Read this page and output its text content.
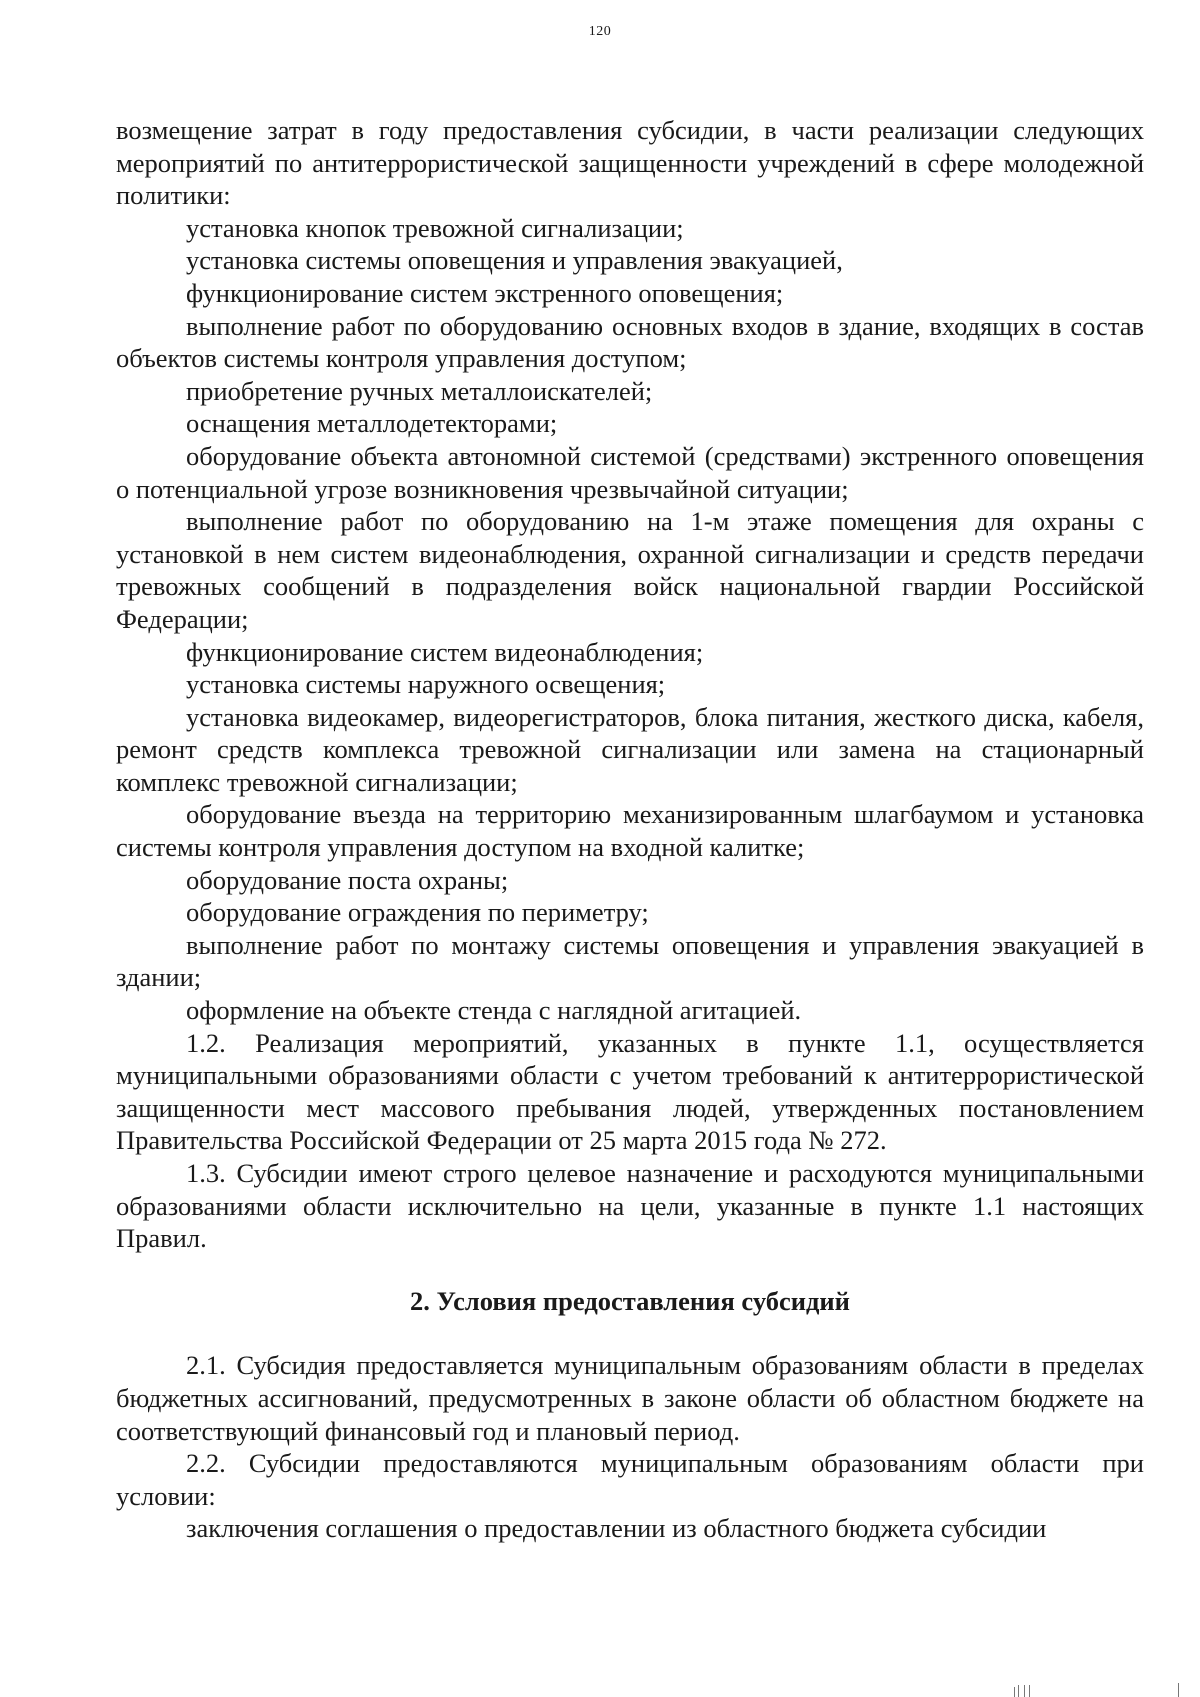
120

возмещение затрат в году предоставления субсидии, в части реализации следующих мероприятий по антитеррористической защищенности учреждений в сфере молодежной политики:

установка кнопок тревожной сигнализации;

установка системы оповещения и управления эвакуацией,

функционирование систем экстренного оповещения;

выполнение работ по оборудованию основных входов в здание, входящих в состав объектов системы контроля управления доступом;

приобретение ручных металлоискателей;

оснащения металлодетекторами;

оборудование объекта автономной системой (средствами) экстренного оповещения о потенциальной угрозе возникновения чрезвычайной ситуации;

выполнение работ по оборудованию на 1-м этаже помещения для охраны с установкой в нем систем видеонаблюдения, охранной сигнализации и средств передачи тревожных сообщений в подразделения войск национальной гвардии Российской Федерации;

функционирование систем видеонаблюдения;

установка системы наружного освещения;

установка видеокамер, видеорегистраторов, блока питания, жесткого диска, кабеля, ремонт средств комплекса тревожной сигнализации или замена на стационарный комплекс тревожной сигнализации;

оборудование въезда на территорию механизированным шлагбаумом и установка системы контроля управления доступом на входной калитке;

оборудование поста охраны;

оборудование ограждения по периметру;

выполнение работ по монтажу системы оповещения и управления эвакуацией в здании;

оформление на объекте стенда с наглядной агитацией.

1.2. Реализация мероприятий, указанных в пункте 1.1, осуществляется муниципальными образованиями области с учетом требований к антитеррористической защищенности мест массового пребывания людей, утвержденных постановлением Правительства Российской Федерации от 25 марта 2015 года № 272.

1.3. Субсидии имеют строго целевое назначение и расходуются муниципальными образованиями области исключительно на цели, указанные в пункте 1.1 настоящих Правил.

2. Условия предоставления субсидий

2.1. Субсидия предоставляется муниципальным образованиям области в пределах бюджетных ассигнований, предусмотренных в законе области об областном бюджете на соответствующий финансовый год и плановый период.

2.2. Субсидии предоставляются муниципальным образованиям области при условии:

заключения соглашения о предоставлении из областного бюджета субсидии
